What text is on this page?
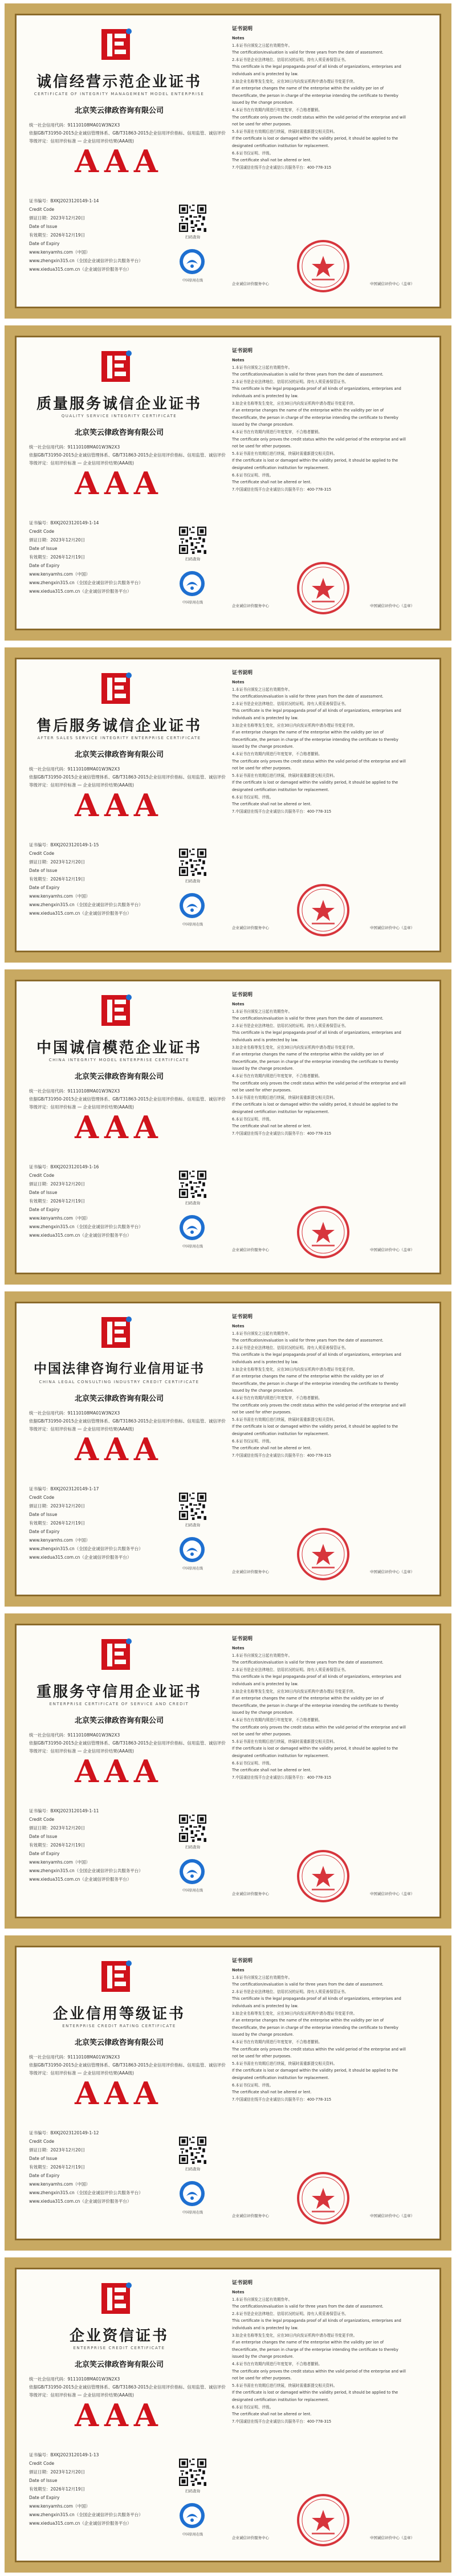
诚信经营示范企业证书
CERTIFICATE OF INTEGRITY MANAGEMENT MODEL ENTERPRISE
北京笑云律政咨询有限公司
统一社会信用代码：91110108MA01W3N2X3
依据GB/T31950-2015企业诚信管理体系、GB/T31863-2015企业信用评价指标、信用监管、诚信评价
等级评定：信用评价标准 — 企业信用评价结果(AAA级)
AAA
证书编号：BXKJ2023120149-1-14
Credit Code
颁证日期：2023年12月20日
Date of Issue
有效期至：2026年12月19日
Date of Expiry
www.kenyamhs.com（中国）
www.zhengxin315.cn（全国企业诚信评价公共服务平台）
www.xiedua315.com.cn（企业诚信评价服务平台）
扫码查询
中国信用在线
证书说明
Notes
1.本证书自颁发之日起有效期叁年。
The certification/evaluation is valid for three years from the date of assessment.
2.本证书是企业法律地位、信用状况的证明。持有人须妥善保管证书。
This certificate is the legal propaganda proof of all kinds of organizations, enterprises and
individuals and is protected by law.
3.如企业名称等发生变化，应在30日内向发证机构申请办理证书变更手续。
If an enterprise changes the name of the enterprise within the validity per ion of
thecertificate, the person in charge of the enterprise intending the certificate to thereby
issued by the change procedure.
4.本证书在有效期内须进行年度复审，不合格者撤销。
The certificate only proves the credit status within the valid period of the enterprise and will
not be used for other purposes.
5.本证书需在有效期后进行续展，续展时需重新提交相关资料。
If the certificate is lost or damaged within the validity period, it should be applied to the
designated certification institution for replacement.
6.本证书仅证明、评级。
The certificate shall not be altered or lent.
7.中国诚信在线平台企业诚信公共服务平台：400-778-315
企业诚信评价服务中心	中国诚信评价中心（盖章）
质量服务诚信企业证书
QUALITY SERVICE INTEGRITY CERTIFICATE
北京笑云律政咨询有限公司
统一社会信用代码：91110108MA01W3N2X3
依据GB/T31950-2015企业诚信管理体系、GB/T31863-2015企业信用评价指标、信用监管、诚信评价
等级评定：信用评价标准 — 企业信用评价结果(AAA级)
AAA
证书编号：BXKJ2023120149-1-14
Credit Code
颁证日期：2023年12月20日
Date of Issue
有效期至：2026年12月19日
Date of Expiry
www.kenyamhs.com（中国）
www.zhengxin315.cn（全国企业诚信评价公共服务平台）
www.xiedua315.com.cn（企业诚信评价服务平台）
扫码查询
中国信用在线
证书说明
Notes
1.本证书自颁发之日起有效期叁年。
The certification/evaluation is valid for three years from the date of assessment.
2.本证书是企业法律地位、信用状况的证明。持有人须妥善保管证书。
This certificate is the legal propaganda proof of all kinds of organizations, enterprises and
individuals and is protected by law.
3.如企业名称等发生变化，应在30日内向发证机构申请办理证书变更手续。
If an enterprise changes the name of the enterprise within the validity per ion of
thecertificate, the person in charge of the enterprise intending the certificate to thereby
issued by the change procedure.
4.本证书在有效期内须进行年度复审，不合格者撤销。
The certificate only proves the credit status within the valid period of the enterprise and will
not be used for other purposes.
5.本证书需在有效期后进行续展，续展时需重新提交相关资料。
If the certificate is lost or damaged within the validity period, it should be applied to the
designated certification institution for replacement.
6.本证书仅证明、评级。
The certificate shall not be altered or lent.
7.中国诚信在线平台企业诚信公共服务平台：400-778-315
企业诚信评价服务中心	中国诚信评价中心（盖章）
售后服务诚信企业证书
AFTER SALES SERVICE INTEGRITY ENTERPRISE CERTIFICATE
北京笑云律政咨询有限公司
统一社会信用代码：91110108MA01W3N2X3
依据GB/T31950-2015企业诚信管理体系、GB/T31863-2015企业信用评价指标、信用监管、诚信评价
等级评定：信用评价标准 — 企业信用评价结果(AAA级)
AAA
证书编号：BXKJ2023120149-1-15
Credit Code
颁证日期：2023年12月20日
Date of Issue
有效期至：2026年12月19日
Date of Expiry
www.kenyamhs.com（中国）
www.zhengxin315.cn（全国企业诚信评价公共服务平台）
www.xiedua315.com.cn（企业诚信评价服务平台）
扫码查询
中国信用在线
证书说明
Notes
1.本证书自颁发之日起有效期叁年。
The certification/evaluation is valid for three years from the date of assessment.
2.本证书是企业法律地位、信用状况的证明。持有人须妥善保管证书。
This certificate is the legal propaganda proof of all kinds of organizations, enterprises and
individuals and is protected by law.
3.如企业名称等发生变化，应在30日内向发证机构申请办理证书变更手续。
If an enterprise changes the name of the enterprise within the validity per ion of
thecertificate, the person in charge of the enterprise intending the certificate to thereby
issued by the change procedure.
4.本证书在有效期内须进行年度复审，不合格者撤销。
The certificate only proves the credit status within the valid period of the enterprise and will
not be used for other purposes.
5.本证书需在有效期后进行续展，续展时需重新提交相关资料。
If the certificate is lost or damaged within the validity period, it should be applied to the
designated certification institution for replacement.
6.本证书仅证明、评级。
The certificate shall not be altered or lent.
7.中国诚信在线平台企业诚信公共服务平台：400-778-315
企业诚信评价服务中心	中国诚信评价中心（盖章）
中国诚信模范企业证书
CHINA INTEGRITY MODEL ENTERPRISE CERTIFICATE
北京笑云律政咨询有限公司
统一社会信用代码：91110108MA01W3N2X3
依据GB/T31950-2015企业诚信管理体系、GB/T31863-2015企业信用评价指标、信用监管、诚信评价
等级评定：信用评价标准 — 企业信用评价结果(AAA级)
AAA
证书编号：BXKJ2023120149-1-16
Credit Code
颁证日期：2023年12月20日
Date of Issue
有效期至：2026年12月19日
Date of Expiry
www.kenyamhs.com（中国）
www.zhengxin315.cn（全国企业诚信评价公共服务平台）
www.xiedua315.com.cn（企业诚信评价服务平台）
扫码查询
中国信用在线
证书说明
Notes
1.本证书自颁发之日起有效期叁年。
The certification/evaluation is valid for three years from the date of assessment.
2.本证书是企业法律地位、信用状况的证明。持有人须妥善保管证书。
This certificate is the legal propaganda proof of all kinds of organizations, enterprises and
individuals and is protected by law.
3.如企业名称等发生变化，应在30日内向发证机构申请办理证书变更手续。
If an enterprise changes the name of the enterprise within the validity per ion of
thecertificate, the person in charge of the enterprise intending the certificate to thereby
issued by the change procedure.
4.本证书在有效期内须进行年度复审，不合格者撤销。
The certificate only proves the credit status within the valid period of the enterprise and will
not be used for other purposes.
5.本证书需在有效期后进行续展，续展时需重新提交相关资料。
If the certificate is lost or damaged within the validity period, it should be applied to the
designated certification institution for replacement.
6.本证书仅证明、评级。
The certificate shall not be altered or lent.
7.中国诚信在线平台企业诚信公共服务平台：400-778-315
企业诚信评价服务中心	中国诚信评价中心（盖章）
中国法律咨询行业信用证书
CHINA LEGAL CONSULTING INDUSTRY CREDIT CERTIFICATE
北京笑云律政咨询有限公司
统一社会信用代码：91110108MA01W3N2X3
依据GB/T31950-2015企业诚信管理体系、GB/T31863-2015企业信用评价指标、信用监管、诚信评价
等级评定：信用评价标准 — 企业信用评价结果(AAA级)
AAA
证书编号：BXKJ2023120149-1-17
Credit Code
颁证日期：2023年12月20日
Date of Issue
有效期至：2026年12月19日
Date of Expiry
www.kenyamhs.com（中国）
www.zhengxin315.cn（全国企业诚信评价公共服务平台）
www.xiedua315.com.cn（企业诚信评价服务平台）
扫码查询
中国信用在线
证书说明
Notes
1.本证书自颁发之日起有效期叁年。
The certification/evaluation is valid for three years from the date of assessment.
2.本证书是企业法律地位、信用状况的证明。持有人须妥善保管证书。
This certificate is the legal propaganda proof of all kinds of organizations, enterprises and
individuals and is protected by law.
3.如企业名称等发生变化，应在30日内向发证机构申请办理证书变更手续。
If an enterprise changes the name of the enterprise within the validity per ion of
thecertificate, the person in charge of the enterprise intending the certificate to thereby
issued by the change procedure.
4.本证书在有效期内须进行年度复审，不合格者撤销。
The certificate only proves the credit status within the valid period of the enterprise and will
not be used for other purposes.
5.本证书需在有效期后进行续展，续展时需重新提交相关资料。
If the certificate is lost or damaged within the validity period, it should be applied to the
designated certification institution for replacement.
6.本证书仅证明、评级。
The certificate shall not be altered or lent.
7.中国诚信在线平台企业诚信公共服务平台：400-778-315
企业诚信评价服务中心	中国诚信评价中心（盖章）
重服务守信用企业证书
ENTERPRISE CERTIFICATE OF SERVICE AND CREDIT
北京笑云律政咨询有限公司
统一社会信用代码：91110108MA01W3N2X3
依据GB/T31950-2015企业诚信管理体系、GB/T31863-2015企业信用评价指标、信用监管、诚信评价
等级评定：信用评价标准 — 企业信用评价结果(AAA级)
AAA
证书编号：BXKJ2023120149-1-11
Credit Code
颁证日期：2023年12月20日
Date of Issue
有效期至：2026年12月19日
Date of Expiry
www.kenyamhs.com（中国）
www.zhengxin315.cn（全国企业诚信评价公共服务平台）
www.xiedua315.com.cn（企业诚信评价服务平台）
扫码查询
中国信用在线
证书说明
Notes
1.本证书自颁发之日起有效期叁年。
The certification/evaluation is valid for three years from the date of assessment.
2.本证书是企业法律地位、信用状况的证明。持有人须妥善保管证书。
This certificate is the legal propaganda proof of all kinds of organizations, enterprises and
individuals and is protected by law.
3.如企业名称等发生变化，应在30日内向发证机构申请办理证书变更手续。
If an enterprise changes the name of the enterprise within the validity per ion of
thecertificate, the person in charge of the enterprise intending the certificate to thereby
issued by the change procedure.
4.本证书在有效期内须进行年度复审，不合格者撤销。
The certificate only proves the credit status within the valid period of the enterprise and will
not be used for other purposes.
5.本证书需在有效期后进行续展，续展时需重新提交相关资料。
If the certificate is lost or damaged within the validity period, it should be applied to the
designated certification institution for replacement.
6.本证书仅证明、评级。
The certificate shall not be altered or lent.
7.中国诚信在线平台企业诚信公共服务平台：400-778-315
企业诚信评价服务中心	中国诚信评价中心（盖章）
企业信用等级证书
ENTERPRISE CREDIT RATING CERTIFICATE
北京笑云律政咨询有限公司
统一社会信用代码：91110108MA01W3N2X3
依据GB/T31950-2015企业诚信管理体系、GB/T31863-2015企业信用评价指标、信用监管、诚信评价
等级评定：信用评价标准 — 企业信用评价结果(AAA级)
AAA
证书编号：BXKJ2023120149-1-12
Credit Code
颁证日期：2023年12月20日
Date of Issue
有效期至：2026年12月19日
Date of Expiry
www.kenyamhs.com（中国）
www.zhengxin315.cn（全国企业诚信评价公共服务平台）
www.xiedua315.com.cn（企业诚信评价服务平台）
扫码查询
中国信用在线
证书说明
Notes
1.本证书自颁发之日起有效期叁年。
The certification/evaluation is valid for three years from the date of assessment.
2.本证书是企业法律地位、信用状况的证明。持有人须妥善保管证书。
This certificate is the legal propaganda proof of all kinds of organizations, enterprises and
individuals and is protected by law.
3.如企业名称等发生变化，应在30日内向发证机构申请办理证书变更手续。
If an enterprise changes the name of the enterprise within the validity per ion of
thecertificate, the person in charge of the enterprise intending the certificate to thereby
issued by the change procedure.
4.本证书在有效期内须进行年度复审，不合格者撤销。
The certificate only proves the credit status within the valid period of the enterprise and will
not be used for other purposes.
5.本证书需在有效期后进行续展，续展时需重新提交相关资料。
If the certificate is lost or damaged within the validity period, it should be applied to the
designated certification institution for replacement.
6.本证书仅证明、评级。
The certificate shall not be altered or lent.
7.中国诚信在线平台企业诚信公共服务平台：400-778-315
企业诚信评价服务中心	中国诚信评价中心（盖章）
企业资信证书
ENTERPRISE CREDIT CERTIFICATE
北京笑云律政咨询有限公司
统一社会信用代码：91110108MA01W3N2X3
依据GB/T31950-2015企业诚信管理体系、GB/T31863-2015企业信用评价指标、信用监管、诚信评价
等级评定：信用评价标准 — 企业信用评价结果(AAA级)
AAA
证书编号：BXKJ2023120149-1-13
Credit Code
颁证日期：2023年12月20日
Date of Issue
有效期至：2026年12月19日
Date of Expiry
www.kenyamhs.com（中国）
www.zhengxin315.cn（全国企业诚信评价公共服务平台）
www.xiedua315.com.cn（企业诚信评价服务平台）
扫码查询
中国信用在线
证书说明
Notes
1.本证书自颁发之日起有效期叁年。
The certification/evaluation is valid for three years from the date of assessment.
2.本证书是企业法律地位、信用状况的证明。持有人须妥善保管证书。
This certificate is the legal propaganda proof of all kinds of organizations, enterprises and
individuals and is protected by law.
3.如企业名称等发生变化，应在30日内向发证机构申请办理证书变更手续。
If an enterprise changes the name of the enterprise within the validity per ion of
thecertificate, the person in charge of the enterprise intending the certificate to thereby
issued by the change procedure.
4.本证书在有效期内须进行年度复审，不合格者撤销。
The certificate only proves the credit status within the valid period of the enterprise and will
not be used for other purposes.
5.本证书需在有效期后进行续展，续展时需重新提交相关资料。
If the certificate is lost or damaged within the validity period, it should be applied to the
designated certification institution for replacement.
6.本证书仅证明、评级。
The certificate shall not be altered or lent.
7.中国诚信在线平台企业诚信公共服务平台：400-778-315
企业诚信评价服务中心	中国诚信评价中心（盖章）
